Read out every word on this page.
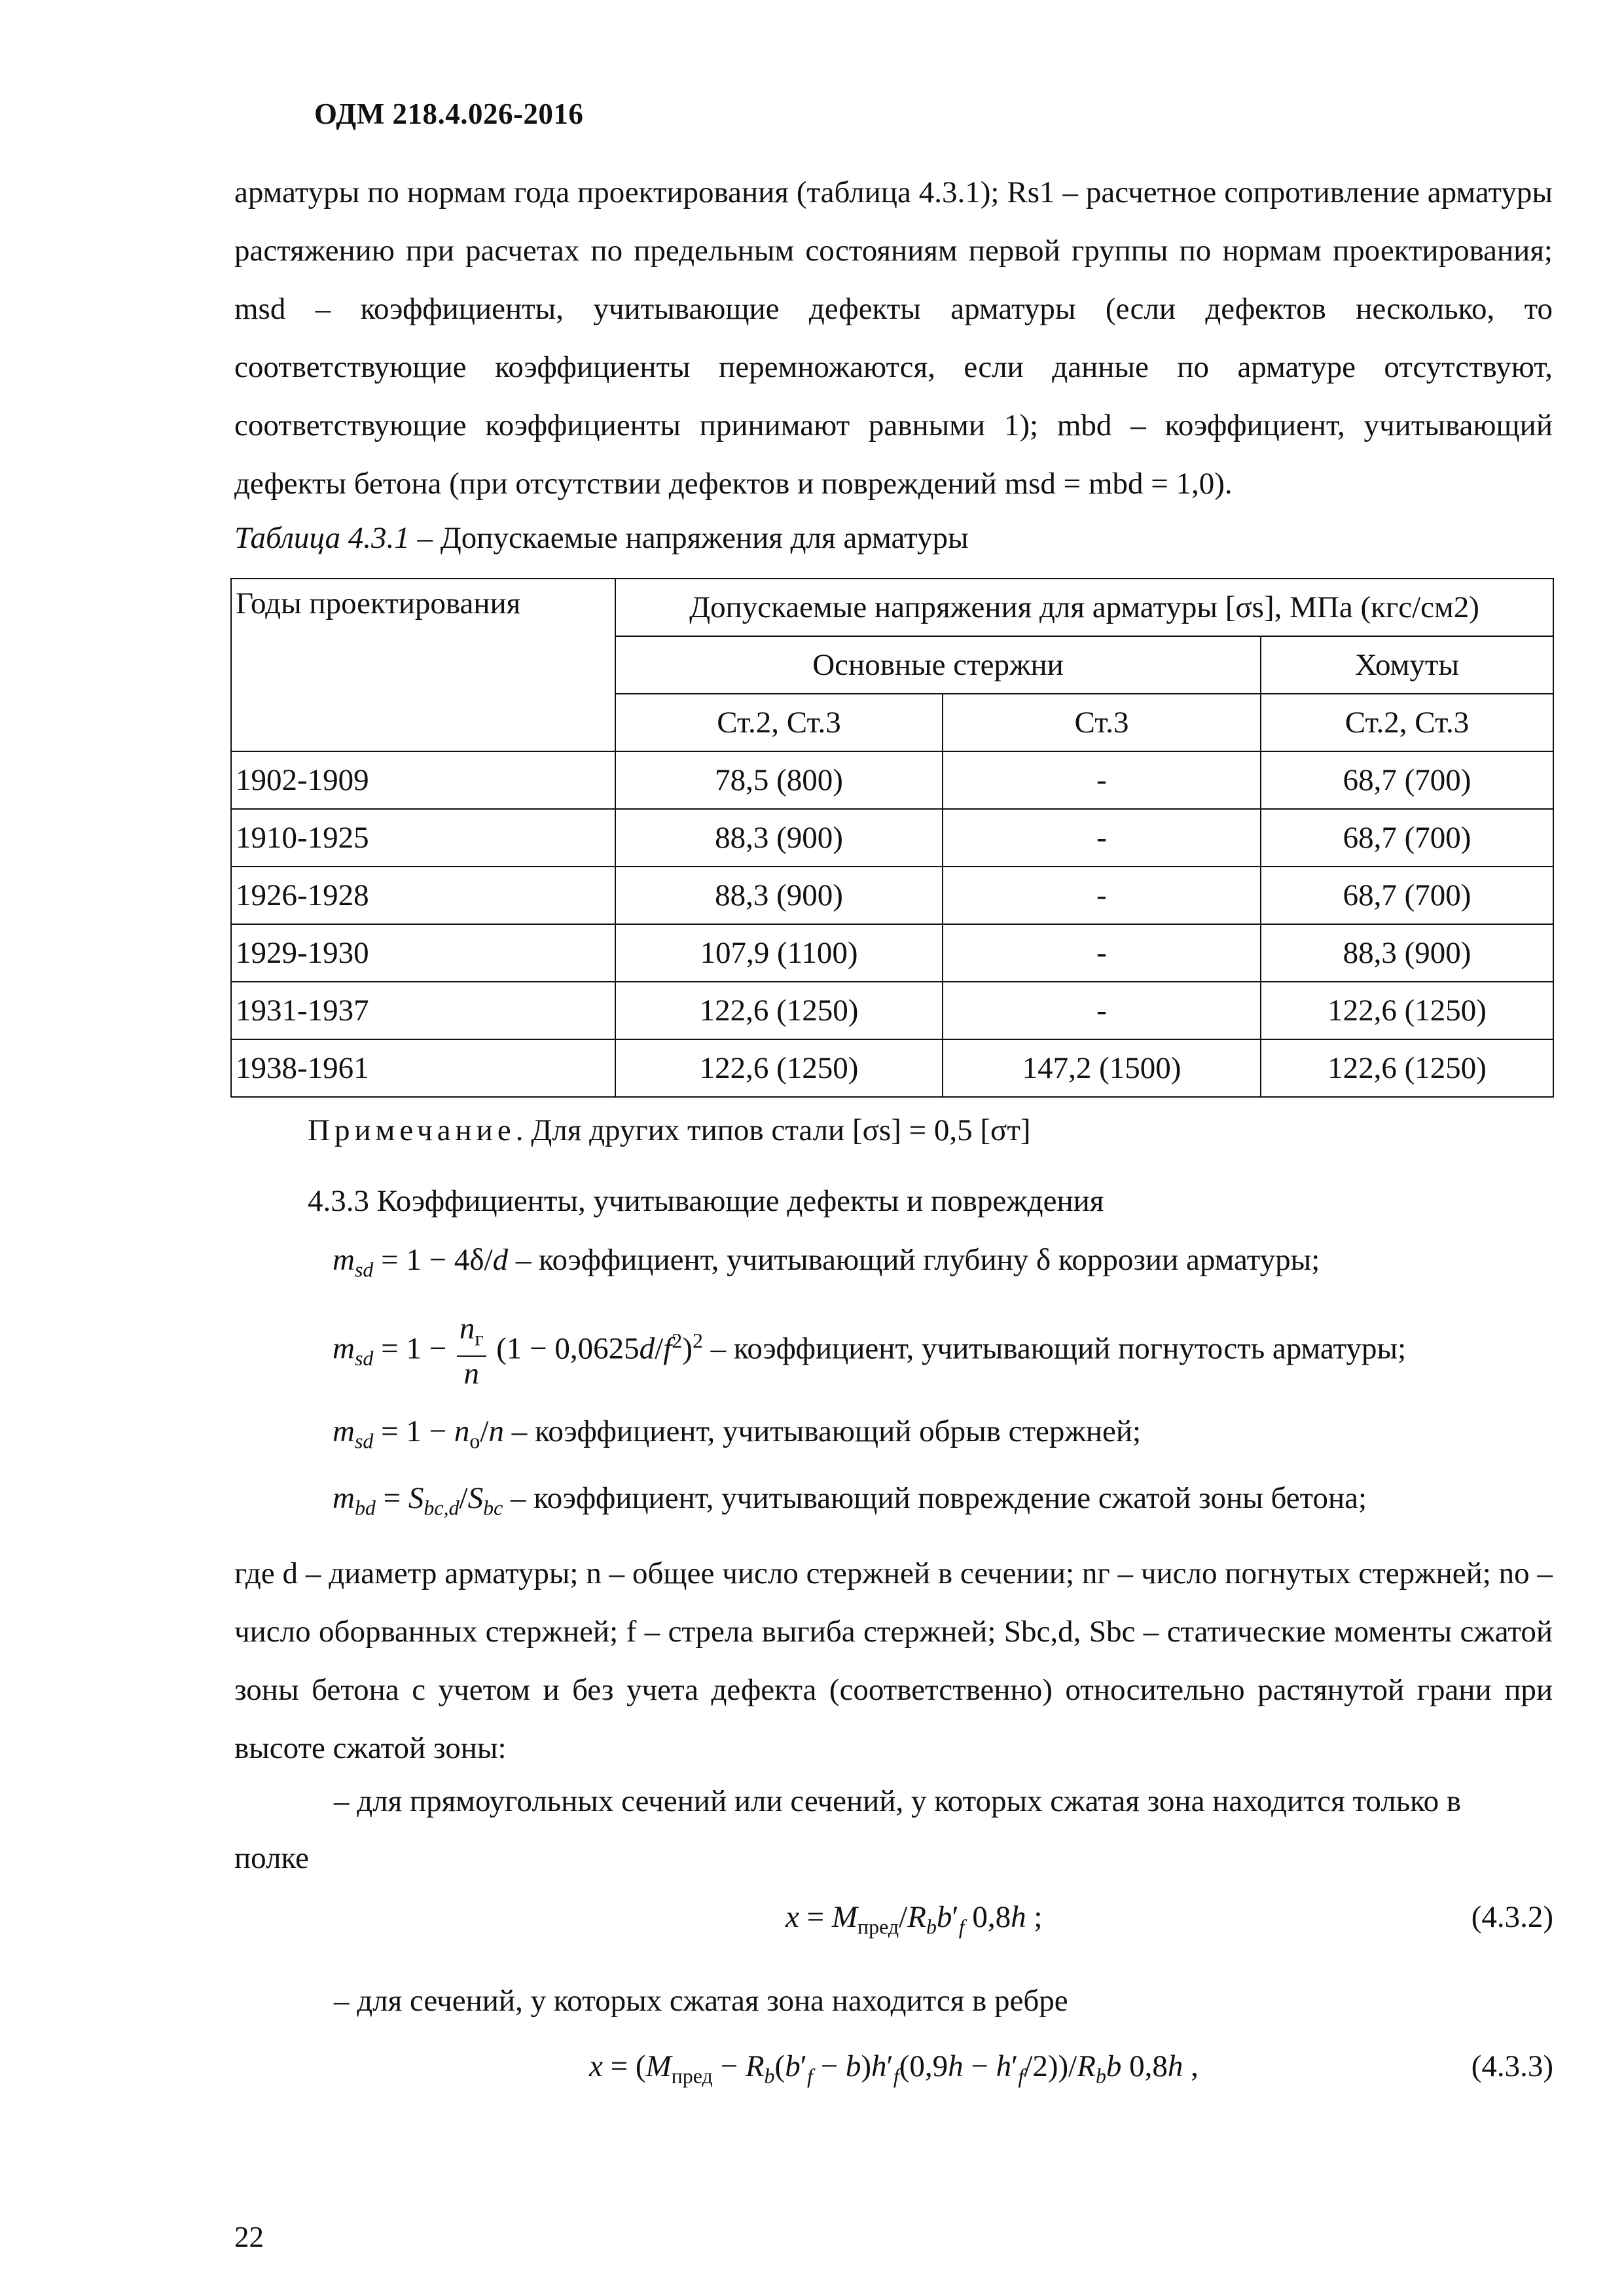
ОДМ 218.4.026-2016
арматуры по нормам года проектирования (таблица 4.3.1); Rs1 – расчетное сопротивление арматуры растяжению при расчетах по предельным состояниям первой группы по нормам проектирования; msd – коэффициенты, учитывающие дефекты арматуры (если дефектов несколько, то соответствующие коэффициенты перемножаются, если данные по арматуре отсутствуют, соответствующие коэффициенты принимают равными 1); mbd – коэффициент, учитывающий дефекты бетона (при отсутствии дефектов и повреждений msd = mbd = 1,0).
Таблица 4.3.1 – Допускаемые напряжения для арматуры
Годы проектирования	Допускаемые напряжения для арматуры [σs], МПа (кгс/см2)		
	Основные стержни		Хомуты
	Ст.2, Ст.3	Ст.3	Ст.2, Ст.3
1902-1909	78,5 (800)	-	68,7 (700)
1910-1925	88,3 (900)	-	68,7 (700)
1926-1928	88,3 (900)	-	68,7 (700)
1929-1930	107,9 (1100)	-	88,3 (900)
1931-1937	122,6 (1250)	-	122,6 (1250)
1938-1961	122,6 (1250)	147,2 (1500)	122,6 (1250)
Примечание. Для других типов стали [σs] = 0,5 [σт]
4.3.3 Коэффициенты, учитывающие дефекты и повреждения
$m_{sd} = 1 - 4\delta/d$ – коэффициент, учитывающий глубину δ коррозии арматуры;
$m_{sd} = 1 - \frac{n_г}{n} (1 - 0,0625d/f^2)^2$ – коэффициент, учитывающий погнутость арматуры;
$m_{sd} = 1 - n_о/n$ – коэффициент, учитывающий обрыв стержней;
$m_{bd} = S_{bc,d}/S_{bc}$ – коэффициент, учитывающий повреждение сжатой зоны бетона;
где d – диаметр арматуры; n – общее число стержней в сечении; nг – число погнутых стержней; nо – число оборванных стержней; f – стрела выгиба стержней; Sbc,d, Sbc – статические моменты сжатой зоны бетона с учетом и без учета дефекта (соответственно) относительно растянутой грани при высоте сжатой зоны:
– для прямоугольных сечений или сечений, у которых сжатая зона находится только в
полке
$x = M_{пред}/R_bb'_f$ 0,8h ;	(4.3.2)
– для сечений, у которых сжатая зона находится в ребре
$x = (M_{пред} - R_b(b'_f - b)h'_f(0,9h - h'_f/2))/R_bb$ 0,8h ,	(4.3.3)
22
